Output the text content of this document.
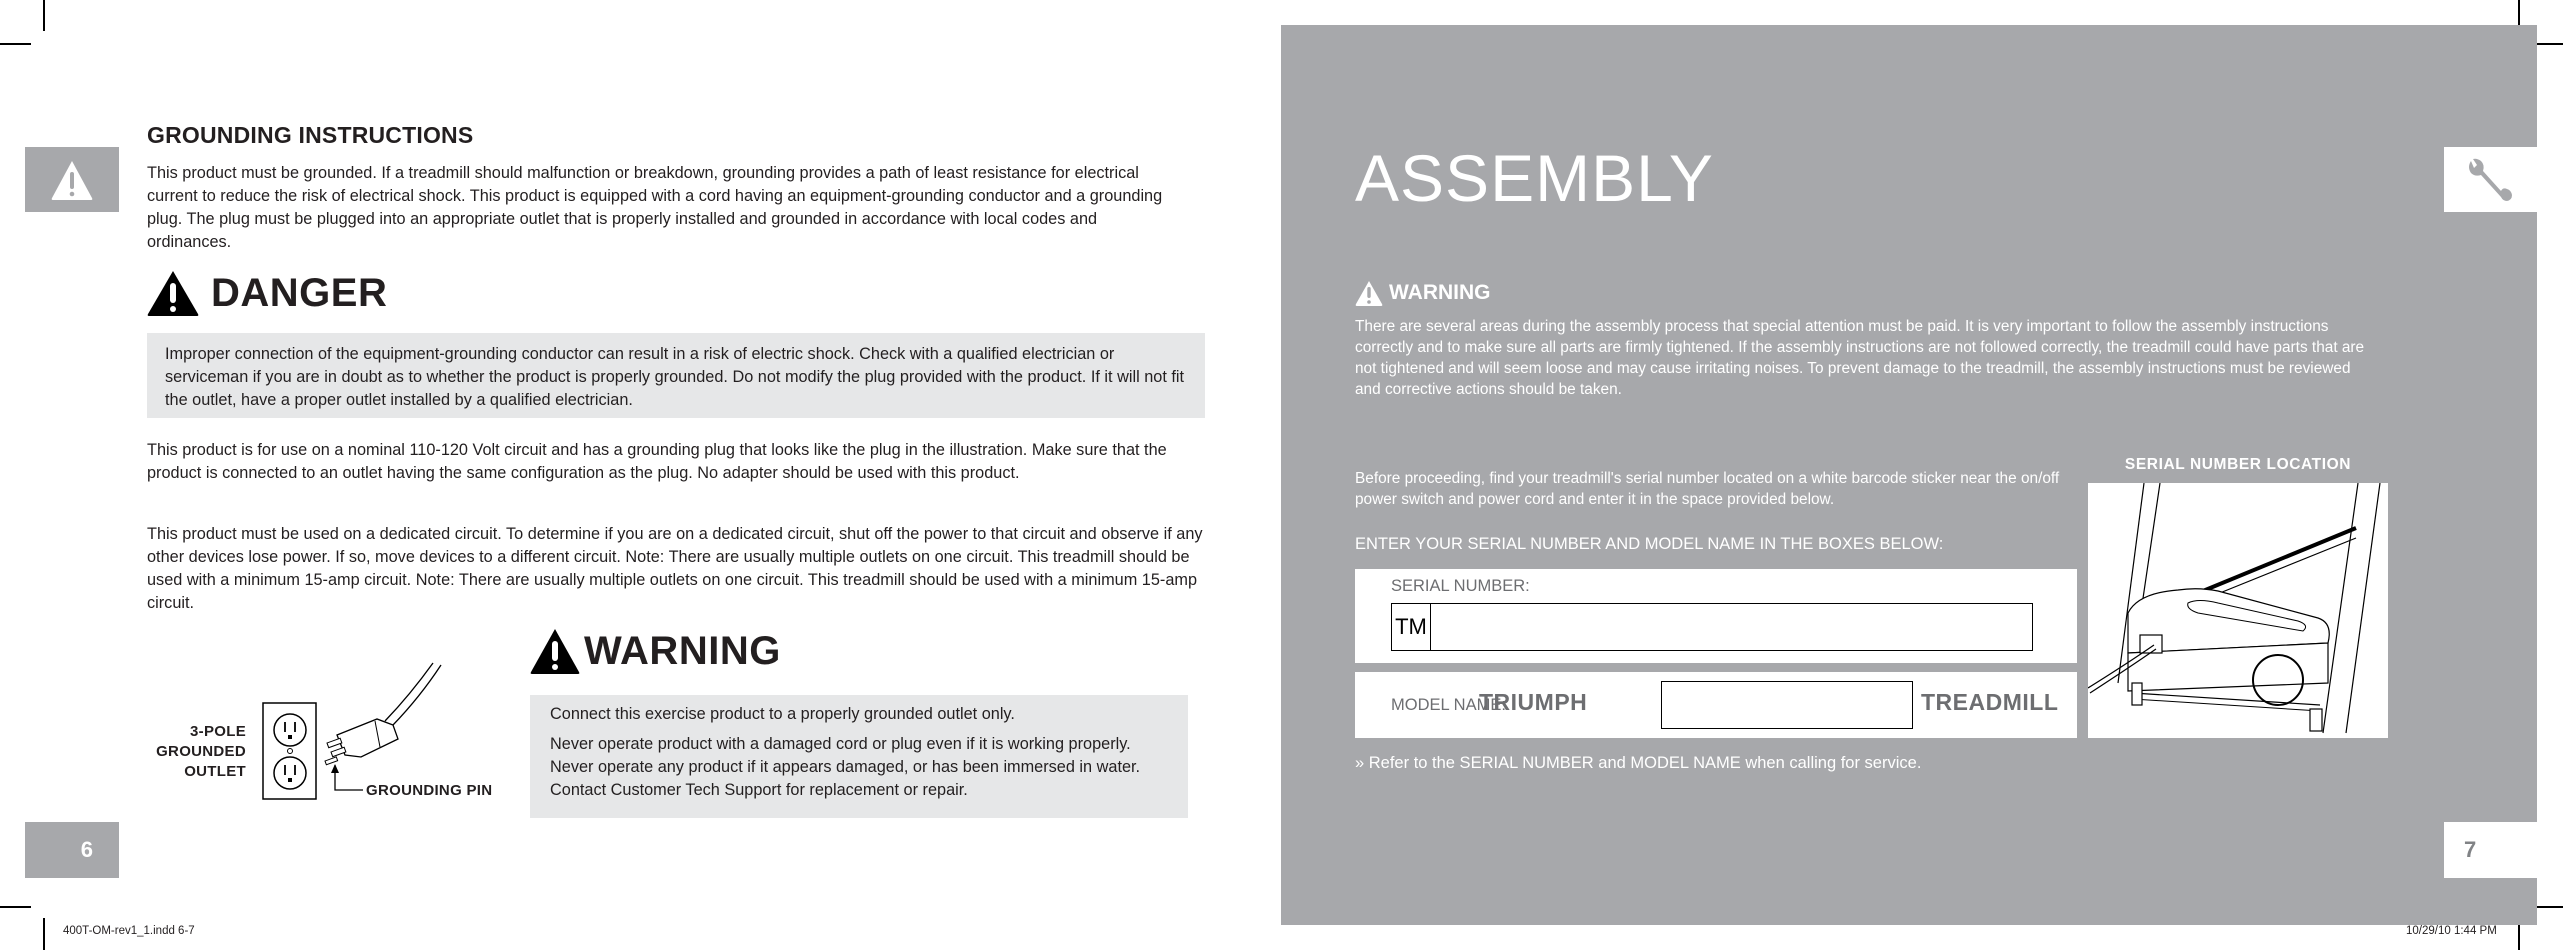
GROUNDING INSTRUCTIONS
This product must be grounded. If a treadmill should malfunction or breakdown, grounding provides a path of least resistance for electrical current to reduce the risk of electrical shock. This product is equipped with a cord having an equipment-grounding conductor and a grounding plug. The plug must be plugged into an appropriate outlet that is properly installed and grounded in accordance with local codes and ordinances.
DANGER
Improper connection of the equipment-grounding conductor can result in a risk of electric shock. Check with a qualified electrician or serviceman if you are in doubt as to whether the product is properly grounded. Do not modify the plug provided with the product. If it will not fit the outlet, have a proper outlet installed by a qualified electrician.
This product is for use on a nominal 110-120 Volt circuit and has a grounding plug that looks like the plug in the illustration. Make sure that the product is connected to an outlet having the same configuration as the plug. No adapter should be used with this product.
This product must be used on a dedicated circuit. To determine if you are on a dedicated circuit, shut off the power to that circuit and observe if any other devices lose power. If so, move devices to a different circuit. Note: There are usually multiple outlets on one circuit. This treadmill should be used with a minimum 15-amp circuit. Note: There are usually multiple outlets on one circuit. This treadmill should be used with a minimum 15-amp circuit.
3-POLE
GROUNDED
OUTLET
GROUNDING PIN
WARNING

Connect this exercise product to a properly grounded outlet only.

Never operate product with a damaged cord or plug even if it is working properly. Never operate any product if it appears damaged, or has been immersed in water. Contact Customer Tech Support for replacement or repair.

6
400T-OM-rev1_1.indd 6-7
ASSEMBLY
WARNING
There are several areas during the assembly process that special attention must be paid. It is very important to follow the assembly instructions correctly and to make sure all parts are firmly tightened. If the assembly instructions are not followed correctly, the treadmill could have parts that are not tightened and will seem loose and may cause irritating noises. To prevent damage to the treadmill, the assembly instructions must be reviewed and corrective actions should be taken.
Before proceeding, find your treadmill's serial number located on a white barcode sticker near the on/off power switch and power cord and enter it in the space provided below.
ENTER YOUR SERIAL NUMBER AND MODEL NAME IN THE BOXES BELOW:
SERIAL NUMBER:
TM
MODEL NAME:
TRIUMPH	TREADMILL
» Refer to the SERIAL NUMBER and MODEL NAME when calling for service.
SERIAL NUMBER LOCATION
7
10/29/10 1:44 PM
